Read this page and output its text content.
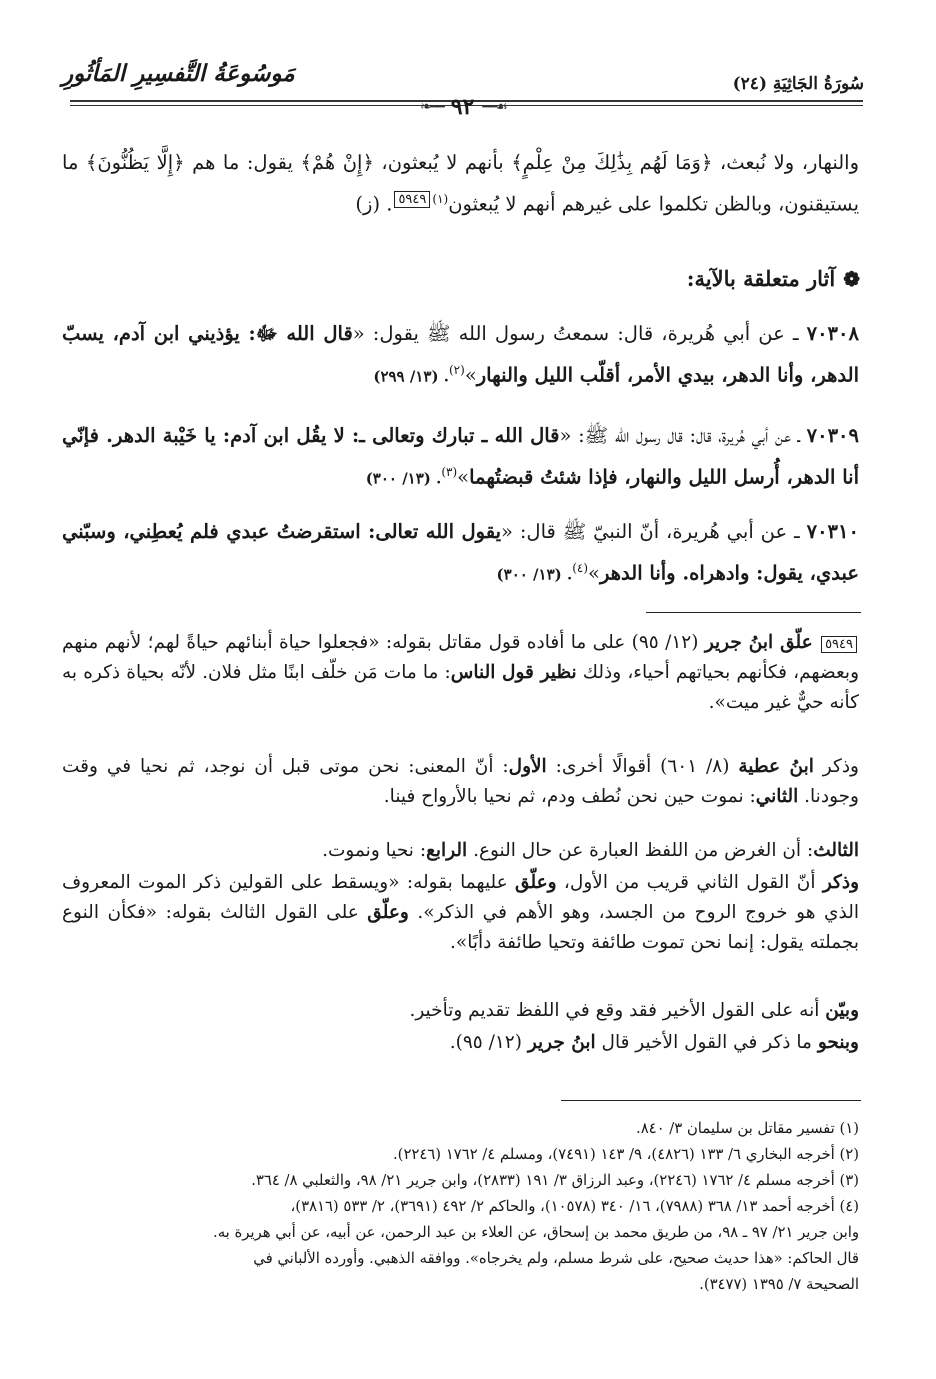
مَوسُوعَةُ التَّفسِيرِ المَأثُورِ	سُورَةُ الجَاثِيَةِ (٢٤)
❧━━ ٩٢ ━━☙
والنهار، ولا نُبعث، ﴿وَمَا لَهُم بِذَٰلِكَ مِنْ عِلْمٍ﴾ بأنهم لا يُبعثون، ﴿إِنْ هُمْ﴾ يقول: ما هم ﴿إِلَّا يَظُنُّونَ﴾ ما يستيقنون، وبالظن تكلموا على غيرهم أنهم لا يُبعثون$^{(١)}$٥٩٤٩. (ز)
❁
آثار متعلقة بالآية:
٧٠٣٠٨ ـ عن أبي هُريرة، قال: سمعتُ رسول الله ﷺ يقول: «قال الله ﷻ: يؤذيني ابن آدم، يسبّ الدهر، وأنا الدهر، بيدي الأمر، أقلّب الليل والنهار»$^{(٢)}$. (١٣/ ٢٩٩)
٧٠٣٠٩ ـ عن أبي هُريرة، قال: قال رسول الله ﷺ: «قال الله ـ تبارك وتعالى ـ: لا يقُل ابن آدم: يا خَيْبة الدهر. فإنّي أنا الدهر، أُرسل الليل والنهار، فإذا شئتُ قبضتُهما»$^{(٣)}$. (١٣/ ٣٠٠)
٧٠٣١٠ ـ عن أبي هُريرة، أنّ النبيّ ﷺ قال: «يقول الله تعالى: استقرضتُ عبدي فلم يُعطِني، وسبّني عبدي، يقول: وادهراه. وأنا الدهر»$^{(٤)}$. (١٣/ ٣٠٠)
٥٩٤٩ علّق ابنُ جرير (١٢/ ٩٥) على ما أفاده قول مقاتل بقوله: «فجعلوا حياة أبنائهم حياةً لهم؛ لأنهم منهم وبعضهم، فكأنهم بحياتهم أحياء، وذلك نظير قول الناس: ما مات مَن خلّف ابنًا مثل فلان. لأنّه بحياة ذكره به كأنه حيٌّ غير ميت».
وذكر ابنُ عطية (٨/ ٦٠١) أقوالًا أخرى: الأول: أنّ المعنى: نحن موتى قبل أن نوجد، ثم نحيا في وقت وجودنا. الثاني: نموت حين نحن نُطف ودم، ثم نحيا بالأرواح فينا.
الثالث: أن الغرض من اللفظ العبارة عن حال النوع. الرابع: نحيا ونموت.
وذكر أنّ القول الثاني قريب من الأول، وعلّق عليهما بقوله: «ويسقط على القولين ذكر الموت المعروف الذي هو خروج الروح من الجسد، وهو الأهم في الذكر». وعلّق على القول الثالث بقوله: «فكأن النوع بجملته يقول: إنما نحن تموت طائفة وتحيا طائفة دأبًا».
وبيّن أنه على القول الأخير فقد وقع في اللفظ تقديم وتأخير.
وبنحو ما ذكر في القول الأخير قال ابنُ جرير (١٢/ ٩٥).
(١) تفسير مقاتل بن سليمان ٣/ ٨٤٠.
(٢) أخرجه البخاري ٦/ ١٣٣ (٤٨٢٦)، ٩/ ١٤٣ (٧٤٩١)، ومسلم ٤/ ١٧٦٢ (٢٢٤٦).
(٣) أخرجه مسلم ٤/ ١٧٦٢ (٢٢٤٦)، وعبد الرزاق ٣/ ١٩١ (٢٨٣٣)، وابن جرير ٢١/ ٩٨، والثعلبي ٨/ ٣٦٤.
(٤) أخرجه أحمد ١٣/ ٣٦٨ (٧٩٨٨)، ١٦/ ٣٤٠ (١٠٥٧٨)، والحاكم ٢/ ٤٩٢ (٣٦٩١)، ٢/ ٥٣٣ (٣٨١٦)،
وابن جرير ٢١/ ٩٧ ـ ٩٨، من طريق محمد بن إسحاق، عن العلاء بن عبد الرحمن، عن أبيه، عن أبي هريرة به.
قال الحاكم: «هذا حديث صحيح، على شرط مسلم، ولم يخرجاه». ووافقه الذهبي. وأورده الألباني في
الصحيحة ٧/ ١٣٩٥ (٣٤٧٧).
